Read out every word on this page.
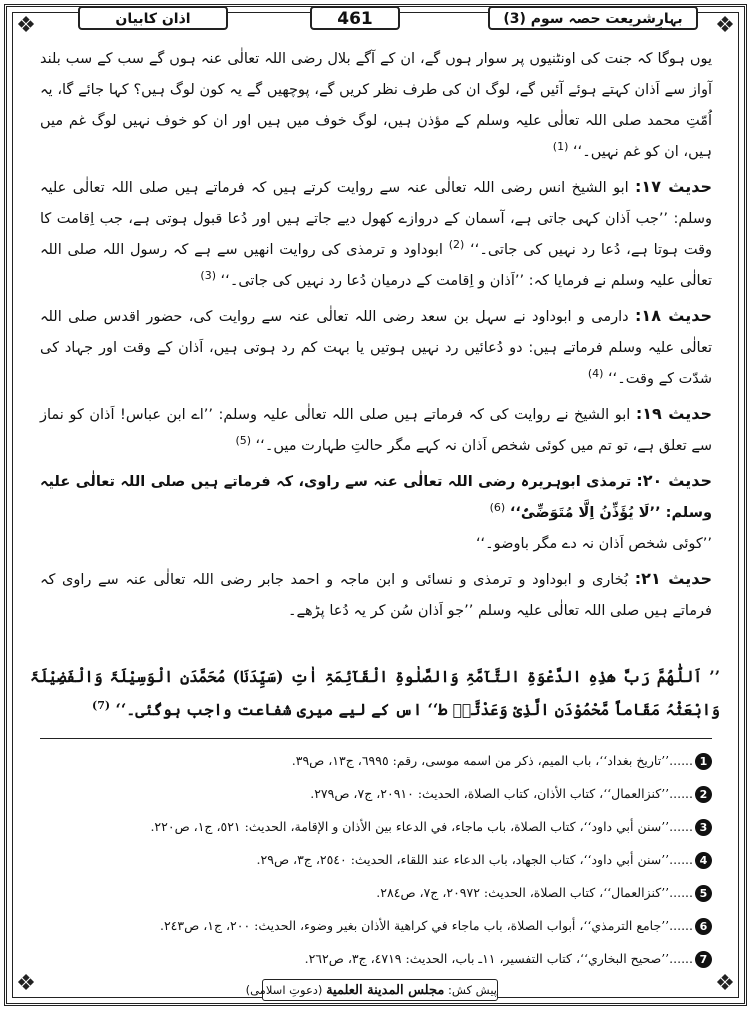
❖	❖
❖	❖
اذان کابیان	461	بہارِشریعت حصہ سوم (3)

یوں ہوگا کہ جنت کی اونٹنیوں پر سوار ہوں گے، ان کے آگے بلال رضی اللہ تعالٰی عنہ ہوں گے سب کے سب بلند آواز سے اَذان کہتے ہوئے آئیں گے، لوگ ان کی طرف نظر کریں گے، پوچھیں گے یہ کون لوگ ہیں؟ کہا جائے گا، یہ اُمّتِ محمد صلی اللہ تعالٰی علیہ وسلم کے مؤذن ہیں، لوگ خوف میں ہیں اور ان کو خوف نہیں لوگ غم میں ہیں، ان کو غم نہیں۔‘‘ $^{(1)}$

حدیث ۱۷: ابو الشیخ انس رضی اللہ تعالٰی عنہ سے روایت کرتے ہیں کہ فرماتے ہیں صلی اللہ تعالٰی علیہ وسلم: ’’جب اَذان کہی جاتی ہے، آسمان کے دروازے کھول دیے جاتے ہیں اور دُعا قبول ہوتی ہے، جب اِقامت کا وقت ہوتا ہے، دُعا رد نہیں کی جاتی۔‘‘ $^{(2)}$ ابوداود و ترمذی کی روایت انھیں سے ہے کہ رسول اللہ صلی اللہ تعالٰی علیہ وسلم نے فرمایا کہ: ’’اَذان و اِقامت کے درمیان دُعا رد نہیں کی جاتی۔‘‘ $^{(3)}$

حدیث ۱۸: دارمی و ابوداود نے سہل بن سعد رضی اللہ تعالٰی عنہ سے روایت کی، حضور اقدس صلی اللہ تعالٰی علیہ وسلم فرماتے ہیں: دو دُعائیں رد نہیں ہوتیں یا بہت کم رد ہوتی ہیں، اَذان کے وقت اور جہاد کی شدّت کے وقت۔‘‘ $^{(4)}$

حدیث ۱۹: ابو الشیخ نے روایت کی کہ فرماتے ہیں صلی اللہ تعالٰی علیہ وسلم: ’’اے ابن عباس! اَذان کو نماز سے تعلق ہے، تو تم میں کوئی شخص اَذان نہ کہے مگر حالتِ طہارت میں۔‘‘ $^{(5)}$

حدیث ۲۰: ترمذی ابوہریرہ رضی اللہ تعالٰی عنہ سے راوی، کہ فرماتے ہیں صلی اللہ تعالٰی علیہ وسلم: ’’لَا یُؤَذِّنُ اِلَّا مُتَوَضِّیٌٔ‘‘ $^{(6)}$
’’کوئی شخص اَذان نہ دے مگر باوضو۔‘‘

حدیث ۲۱: بُخاری و ابوداود و ترمذی و نسائی و ابن ماجہ و احمد جابر رضی اللہ تعالٰی عنہ سے راوی کہ فرماتے ہیں صلی اللہ تعالٰی علیہ وسلم ’’جو اَذان سُن کر یہ دُعا پڑھے۔

’’ اَللّٰھُمَّ رَبَّ ھٰذِہِ الدَّعْوَۃِ التَّآمَّۃِ وَالصَّلٰوۃِ الْقَآئِمَۃِ اٰتِ (سَیِّدَنَا) مُحَمَّدَنِ الْوَسِیْلَۃَ وَالْفَضِیْلَۃَ وَابْعَثْہُ مَقَاماً مَّحْمُوْدَنِ الَّذِیْ وَعَدْتَّہٗ ط‘‘ اس کے لیے میری شفاعت واجب ہوگئی۔‘‘ $^{(7)}$
1......’’تاریخ بغداد‘‘، باب المیم، ذکر من اسمه موسی، رقم: ٦٩٩٥، ج١٣، ص٣٩.
2......’’کنزالعمال‘‘، کتاب الأذان، کتاب الصلاة، الحدیث: ٢٠٩١٠، ج٧، ص٢٧٩.
3......’’سنن أبي داود‘‘، کتاب الصلاة، باب ماجاء، في الدعاء بین الأذان و الإقامة، الحدیث: ٥٢١، ج١، ص٢٢٠.
4......’’سنن أبي داود‘‘، کتاب الجهاد، باب الدعاء عند اللقاء، الحدیث: ٢٥٤٠، ج٣، ص٢٩.
5......’’کنزالعمال‘‘، کتاب الصلاة، الحدیث: ٢٠٩٧٢، ج٧، ص٢٨٤.
6......’’جامع الترمذي‘‘، أبواب الصلاة، باب ماجاء في کراهیة الأذان بغیر وضوء، الحدیث: ٢٠٠، ج١، ص٢٤٣.
7......’’صحیح البخاري‘‘، کتاب التفسیر، ١١ـ باب، الحدیث: ٤٧١٩، ج٣، ص٢٦٢.
پیش کش: مجلس المدینة العلمیة (دعوتِ اسلامی)
